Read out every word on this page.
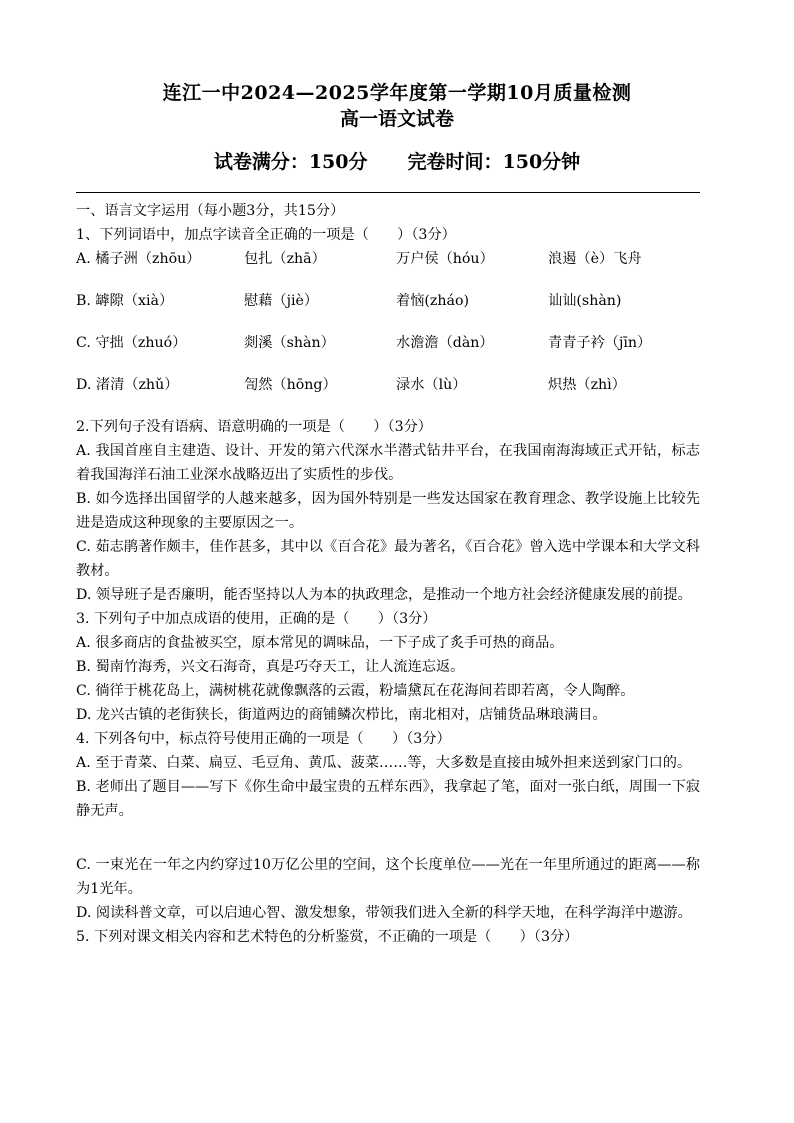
连江一中2024—2025学年度第一学期10月质量检测
高一语文试卷
试卷满分：150分 完卷时间：150分钟
一、语言文字运用（每小题3分，共15分）
1、下列词语中，加点字读音全正确的一项是（　　）（3分）
A. 橘子洲（zhōu）	包扎（zhā）	万户侯（hóu）	浪遏（è）飞舟
B. 罅隙（xià）	慰藉（jiè）	着恼(zháo)	讪讪(shàn)
C. 守拙（zhuó）	剡溪（shàn）	水澹澹（dàn）	青青子衿（jīn）
D. 渚清（zhǔ）	訇然（hōng）	渌水（lù）	炽热（zhì）
2.下列句子没有语病、语意明确的一项是（　　）（3分）
A. 我国首座自主建造、设计、开发的第六代深水半潜式钻井平台，在我国南海海域正式开钻，标志着我国海洋石油工业深水战略迈出了实质性的步伐。
B. 如今选择出国留学的人越来越多，因为国外特别是一些发达国家在教育理念、教学设施上比较先进是造成这种现象的主要原因之一。
C. 茹志鹃著作颇丰，佳作甚多，其中以《百合花》最为著名，《百合花》曾入选中学课本和大学文科教材。
D. 领导班子是否廉明，能否坚持以人为本的执政理念，是推动一个地方社会经济健康发展的前提。
3. 下列句子中加点成语的使用，正确的是（　　）（3分）
A. 很多商店的食盐被买空，原本常见的调味品，一下子成了炙手可热的商品。
B. 蜀南竹海秀，兴文石海奇，真是巧夺天工，让人流连忘返。
C. 徜徉于桃花岛上，满树桃花就像飘落的云霞，粉墙黛瓦在花海间若即若离，令人陶醉。
D. 龙兴古镇的老街狭长，街道两边的商铺鳞次栉比，南北相对，店铺货品琳琅满目。
4. 下列各句中，标点符号使用正确的一项是（　　）（3分）
A. 至于青菜、白菜、扁豆、毛豆角、黄瓜、菠菜……等，大多数是直接由城外担来送到家门口的。
B. 老师出了题目——写下《你生命中最宝贵的五样东西》，我拿起了笔，面对一张白纸，周围一下寂静无声。
C. 一束光在一年之内约穿过10万亿公里的空间，这个长度单位——光在一年里所通过的距离——称为1光年。
D. 阅读科普文章，可以启迪心智、激发想象，带领我们进入全新的科学天地，在科学海洋中遨游。
5. 下列对课文相关内容和艺术特色的分析鉴赏，不正确的一项是（　　）（3分）
